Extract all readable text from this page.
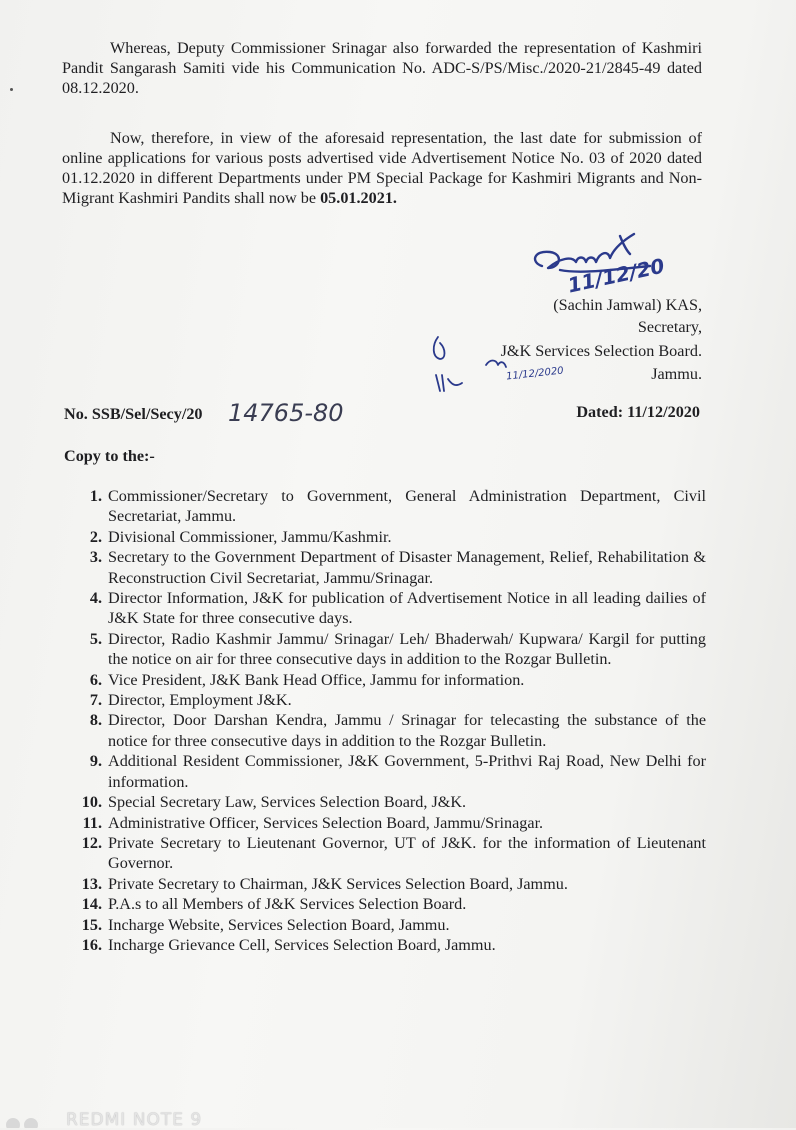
Whereas, Deputy Commissioner Srinagar also forwarded the representation of Kashmiri Pandit Sangarash Samiti vide his Communication No. ADC-S/PS/Misc./2020-21/2845-49 dated 08.12.2020.

Now, therefore, in view of the aforesaid representation, the last date for submission of online applications for various posts advertised vide Advertisement Notice No. 03 of 2020 dated 01.12.2020 in different Departments under PM Special Package for Kashmiri Migrants and Non-Migrant Kashmiri Pandits shall now be 05.01.2021.

11/12/20
(Sachin Jamwal) KAS,
Secretary,
J&K Services Selection Board.
Jammu.
11/12/2020
No. SSB/Sel/Secy/20 14765-80	Dated: 11/12/2020
Copy to the:-
1. Commissioner/Secretary to Government, General Administration Department, Civil Secretariat, Jammu.
2. Divisional Commissioner, Jammu/Kashmir.
3. Secretary to the Government Department of Disaster Management, Relief, Rehabilitation & Reconstruction Civil Secretariat, Jammu/Srinagar.
4. Director Information, J&K for publication of Advertisement Notice in all leading dailies of J&K State for three consecutive days.
5. Director, Radio Kashmir Jammu/ Srinagar/ Leh/ Bhaderwah/ Kupwara/ Kargil for putting the notice on air for three consecutive days in addition to the Rozgar Bulletin.
6. Vice President, J&K Bank Head Office, Jammu for information.
7. Director, Employment J&K.
8. Director, Door Darshan Kendra, Jammu / Srinagar for telecasting the substance of the notice for three consecutive days in addition to the Rozgar Bulletin.
9. Additional Resident Commissioner, J&K Government, 5-Prithvi Raj Road, New Delhi for information.
10. Special Secretary Law, Services Selection Board, J&K.
11. Administrative Officer, Services Selection Board, Jammu/Srinagar.
12. Private Secretary to Lieutenant Governor, UT of J&K. for the information of Lieutenant Governor.
13. Private Secretary to Chairman, J&K Services Selection Board, Jammu.
14. P.A.s to all Members of J&K Services Selection Board.
15. Incharge Website, Services Selection Board, Jammu.
16. Incharge Grievance Cell, Services Selection Board, Jammu.
REDMI NOTE 9
